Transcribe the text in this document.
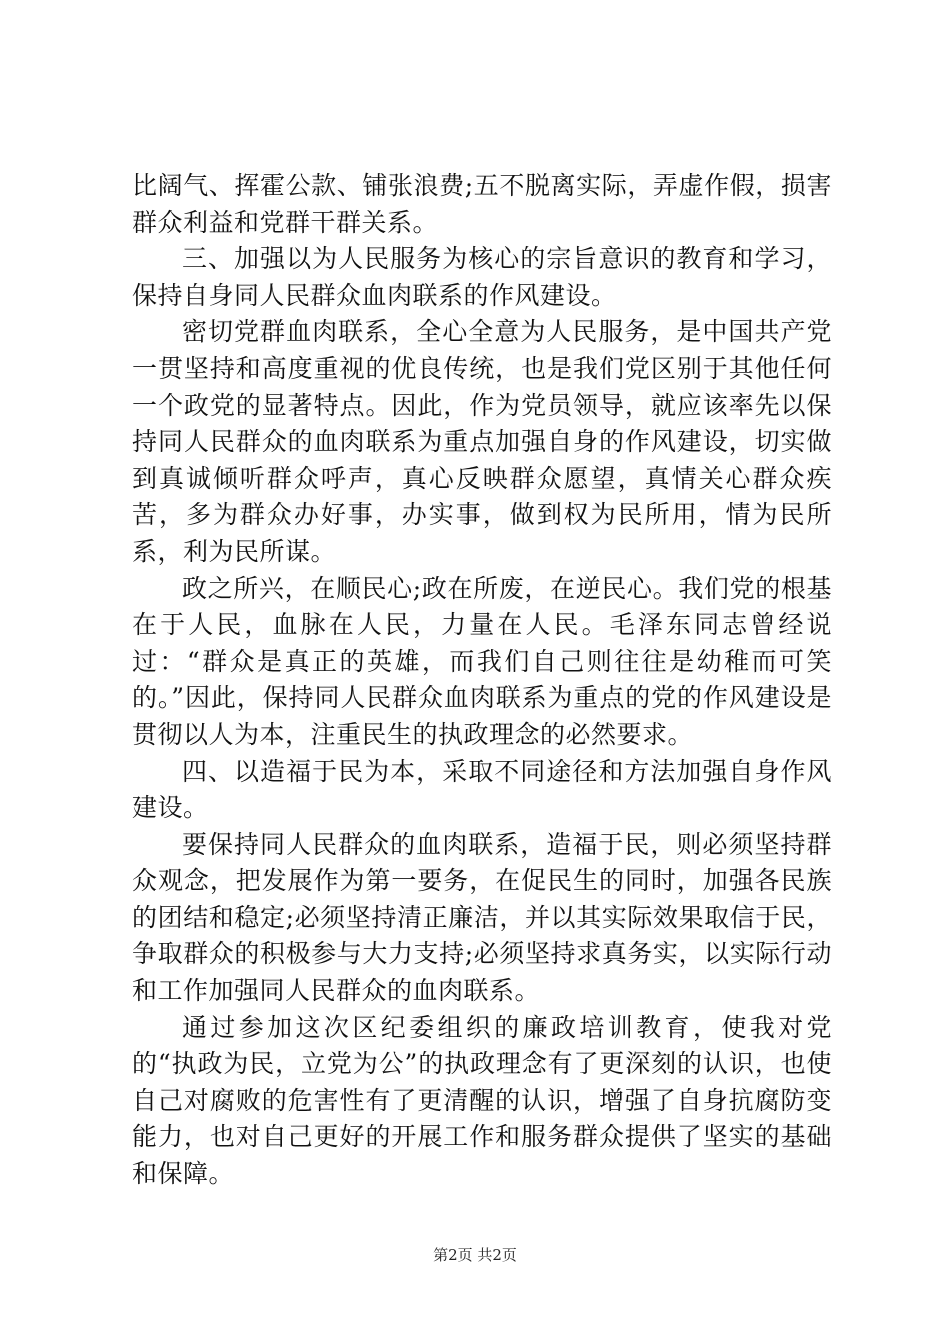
比阔气、挥霍公款、铺张浪费;五不脱离实际，弄虚作假，损害群众利益和党群干群关系。

三、加强以为人民服务为核心的宗旨意识的教育和学习，保持自身同人民群众血肉联系的作风建设。

密切党群血肉联系，全心全意为人民服务，是中国共产党一贯坚持和高度重视的优良传统，也是我们党区别于其他任何一个政党的显著特点。因此，作为党员领导，就应该率先以保持同人民群众的血肉联系为重点加强自身的作风建设，切实做到真诚倾听群众呼声，真心反映群众愿望，真情关心群众疾苦，多为群众办好事，办实事，做到权为民所用，情为民所系，利为民所谋。

政之所兴，在顺民心;政在所废，在逆民心。我们党的根基在于人民，血脉在人民，力量在人民。毛泽东同志曾经说过：“群众是真正的英雄，而我们自己则往往是幼稚而可笑的。”因此，保持同人民群众血肉联系为重点的党的作风建设是贯彻以人为本，注重民生的执政理念的必然要求。

四、以造福于民为本，采取不同途径和方法加强自身作风建设。

要保持同人民群众的血肉联系，造福于民，则必须坚持群众观念，把发展作为第一要务，在促民生的同时，加强各民族的团结和稳定;必须坚持清正廉洁，并以其实际效果取信于民，争取群众的积极参与大力支持;必须坚持求真务实，以实际行动和工作加强同人民群众的血肉联系。

通过参加这次区纪委组织的廉政培训教育，使我对党的“执政为民，立党为公”的执政理念有了更深刻的认识，也使自己对腐败的危害性有了更清醒的认识，增强了自身抗腐防变能力，也对自己更好的开展工作和服务群众提供了坚实的基础和保障。

第2页 共2页
